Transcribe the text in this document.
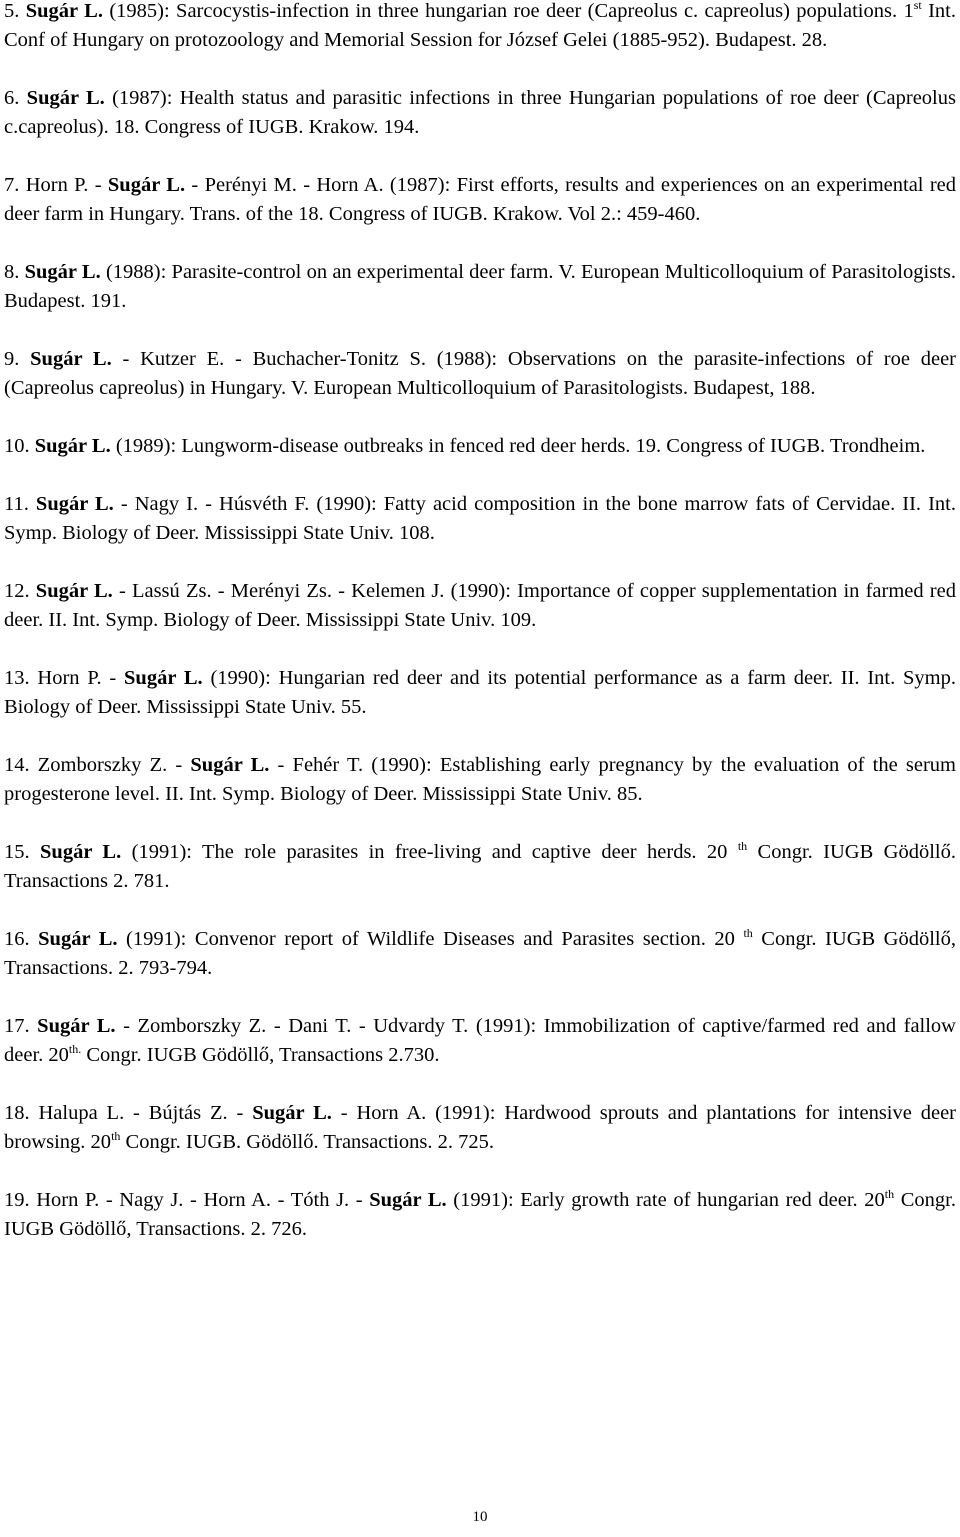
5. Sugár L. (1985): Sarcocystis-infection in three hungarian roe deer (Capreolus c. capreolus) populations. 1st Int. Conf of Hungary on protozoology and Memorial Session for József Gelei (1885-952). Budapest. 28.

6. Sugár L. (1987): Health status and parasitic infections in three Hungarian populations of roe deer (Capreolus c.capreolus). 18. Congress of IUGB. Krakow. 194.

7. Horn P. - Sugár L. - Perényi M. - Horn A. (1987): First efforts, results and experiences on an experimental red deer farm in Hungary. Trans. of the 18. Congress of IUGB. Krakow. Vol 2.: 459-460.

8. Sugár L. (1988): Parasite-control on an experimental deer farm. V. European Multicolloquium of Parasitologists. Budapest. 191.

9. Sugár L. - Kutzer E. - Buchacher-Tonitz S. (1988): Observations on the parasite-infections of roe deer (Capreolus capreolus) in Hungary. V. European Multicolloquium of Parasitologists. Budapest, 188.

10. Sugár L. (1989): Lungworm-disease outbreaks in fenced red deer herds. 19. Congress of IUGB. Trondheim.

11. Sugár L. - Nagy I. - Húsvéth F. (1990): Fatty acid composition in the bone marrow fats of Cervidae. II. Int. Symp. Biology of Deer. Mississippi State Univ. 108.

12. Sugár L. - Lassú Zs. - Merényi Zs. - Kelemen J. (1990): Importance of copper supplementation in farmed red deer. II. Int. Symp. Biology of Deer. Mississippi State Univ. 109.

13. Horn P. - Sugár L. (1990): Hungarian red deer and its potential performance as a farm deer. II. Int. Symp. Biology of Deer. Mississippi State Univ. 55.

14. Zomborszky Z. - Sugár L. - Fehér T. (1990): Establishing early pregnancy by the evaluation of the serum progesterone level. II. Int. Symp. Biology of Deer. Mississippi State Univ. 85.

15. Sugár L. (1991): The role parasites in free-living and captive deer herds. 20 $^{th}$ Congr. IUGB Gödöllő. Transactions 2. 781.

16. Sugár L. (1991): Convenor report of Wildlife Diseases and Parasites section. 20 $^{th}$ Congr. IUGB Gödöllő, Transactions. 2. 793-794.

17. Sugár L. - Zomborszky Z. - Dani T. - Udvardy T. (1991): Immobilization of captive/farmed red and fallow deer. $20^{th.}$ Congr. IUGB Gödöllő, Transactions 2.730.

18. Halupa L. - Bújtás Z. - Sugár L. - Horn A. (1991): Hardwood sprouts and plantations for intensive deer browsing. 20th Congr. IUGB. Gödöllő. Transactions. 2. 725.

19. Horn P. - Nagy J. - Horn A. - Tóth J. - Sugár L. (1991): Early growth rate of hungarian red deer. 20th Congr. IUGB Gödöllő, Transactions. 2. 726.

10
